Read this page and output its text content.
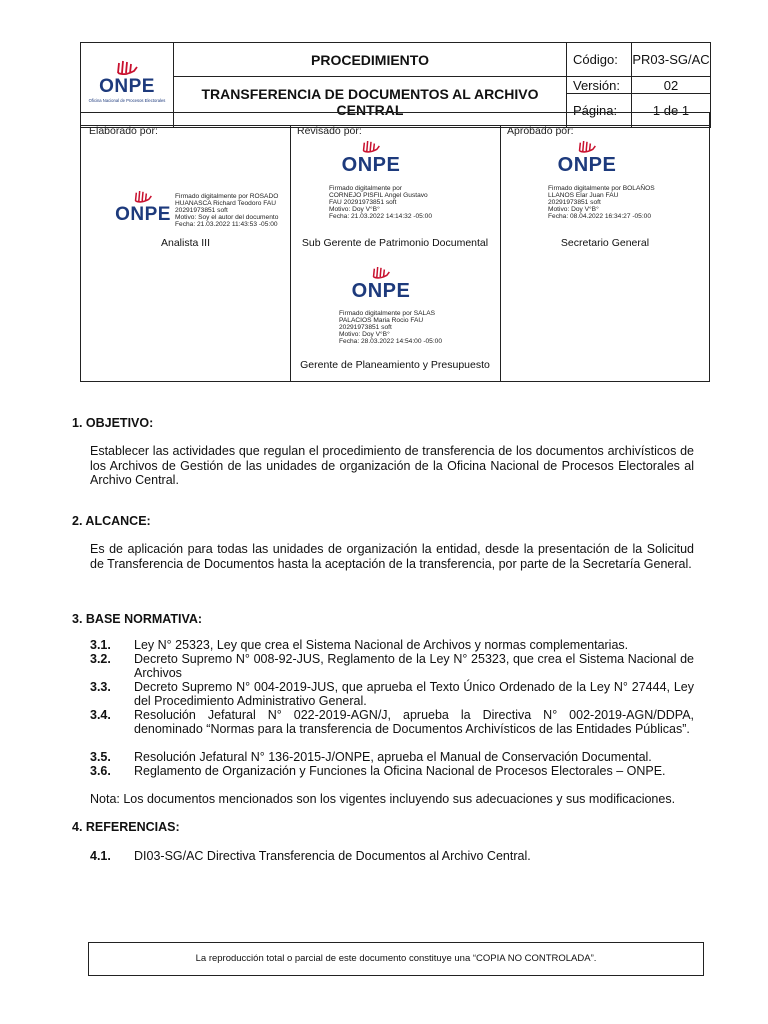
ONPE
Oficina Nacional de Procesos Electorales	PROCEDIMIENTO	Código:	PR03-SG/AC
	TRANSFERENCIA DE DOCUMENTOS AL ARCHIVO CENTRAL	Versión:	02
		Página:	1 de 1
Elaborado por:	Revisado por:	Aprobado por:
ONPE
Firmado digitalmente por ROSADO
HUANASCA Richard Teodoro FAU
20291973851 soft
Motivo: Soy el autor del documento
Fecha: 21.03.2022 11:43:53 -05:00
Analista III
ONPE
Firmado digitalmente por
CORNEJO PISFIL Angel Gustavo
FAU 20291973851 soft
Motivo: Doy V°B°
Fecha: 21.03.2022 14:14:32 -05:00
Sub Gerente de Patrimonio Documental
ONPE
Firmado digitalmente por BOLAÑOS
LLANOS Elar Juan FAU
20291973851 soft
Motivo: Doy V°B°
Fecha: 08.04.2022 16:34:27 -05:00
Secretario General
ONPE
Firmado digitalmente por SALAS
PALACIOS Maria Rocio FAU
20291973851 soft
Motivo: Doy V°B°
Fecha: 28.03.2022 14:54:00 -05:00
Gerente de Planeamiento y Presupuesto
1. OBJETIVO:
Establecer las actividades que regulan el procedimiento de transferencia de los documentos archivísticos de los Archivos de Gestión de las unidades de organización de la Oficina Nacional de Procesos Electorales al Archivo Central.
2. ALCANCE:
Es de aplicación para todas las unidades de organización la entidad, desde la presentación de la Solicitud de Transferencia de Documentos hasta la aceptación de la transferencia, por parte de la Secretaría General.
3. BASE NORMATIVA:
3.1. Ley N° 25323, Ley que crea el Sistema Nacional de Archivos y normas complementarias.
3.2. Decreto Supremo N° 008-92-JUS, Reglamento de la Ley N° 25323, que crea el Sistema Nacional de Archivos
3.3. Decreto Supremo N° 004-2019-JUS, que aprueba el Texto Único Ordenado de la Ley N° 27444, Ley del Procedimiento Administrativo General.
3.4. Resolución Jefatural N° 022-2019-AGN/J, aprueba la Directiva N° 002-2019-AGN/DDPA, denominado “Normas para la transferencia de Documentos Archivísticos de las Entidades Públicas”.
3.5. Resolución Jefatural N° 136-2015-J/ONPE, aprueba el Manual de Conservación Documental.
3.6. Reglamento de Organización y Funciones la Oficina Nacional de Procesos Electorales – ONPE.
Nota: Los documentos mencionados son los vigentes incluyendo sus adecuaciones y sus modificaciones.
4. REFERENCIAS:
4.1. DI03-SG/AC Directiva Transferencia de Documentos al Archivo Central.
La reproducción total o parcial de este documento constituye una “COPIA NO CONTROLADA”.
